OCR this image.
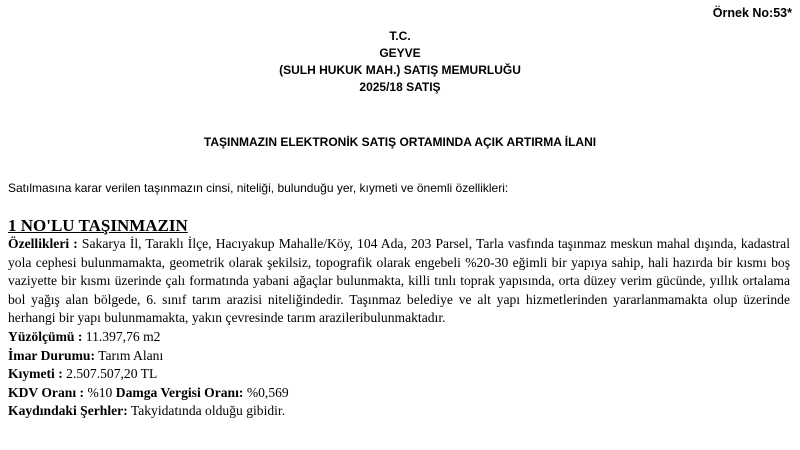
Örnek No:53*
T.C.
GEYVE
(SULH HUKUK MAH.) SATIŞ MEMURLUĞU
2025/18 SATIŞ
TAŞINMAZIN ELEKTRONİK SATIŞ ORTAMINDA AÇIK ARTIRMA İLANI
Satılmasına karar verilen taşınmazın cinsi, niteliği, bulunduğu yer, kıymeti ve önemli özellikleri:
1 NO'LU TAŞINMAZIN

Özellikleri : Sakarya İl, Taraklı İlçe, Hacıyakup Mahalle/Köy, 104 Ada, 203 Parsel, Tarla vasfında taşınmaz meskun mahal dışında, kadastral yola cephesi bulunmamakta, geometrik olarak şekilsiz, topografik olarak engebeli %20-30 eğimli bir yapıya sahip, hali hazırda bir kısmı boş vaziyette bir kısmı üzerinde çalı formatında yabani ağaçlar bulunmakta, killi tınlı toprak yapısında, orta düzey verim gücünde, yıllık ortalama bol yağış alan bölgede, 6. sınıf tarım arazisi niteliğindedir. Taşınmaz belediye ve alt yapı hizmetlerinden yararlanmamakta olup üzerinde herhangi bir yapı bulunmamakta, yakın çevresinde tarım arazileribulunmaktadır.

Yüzölçümü : 11.397,76 m2

İmar Durumu: Tarım Alanı

Kıymeti : 2.507.507,20 TL

KDV Oranı : %10 Damga Vergisi Oranı: %0,569

Kaydındaki Şerhler: Takyidatında olduğu gibidir.
